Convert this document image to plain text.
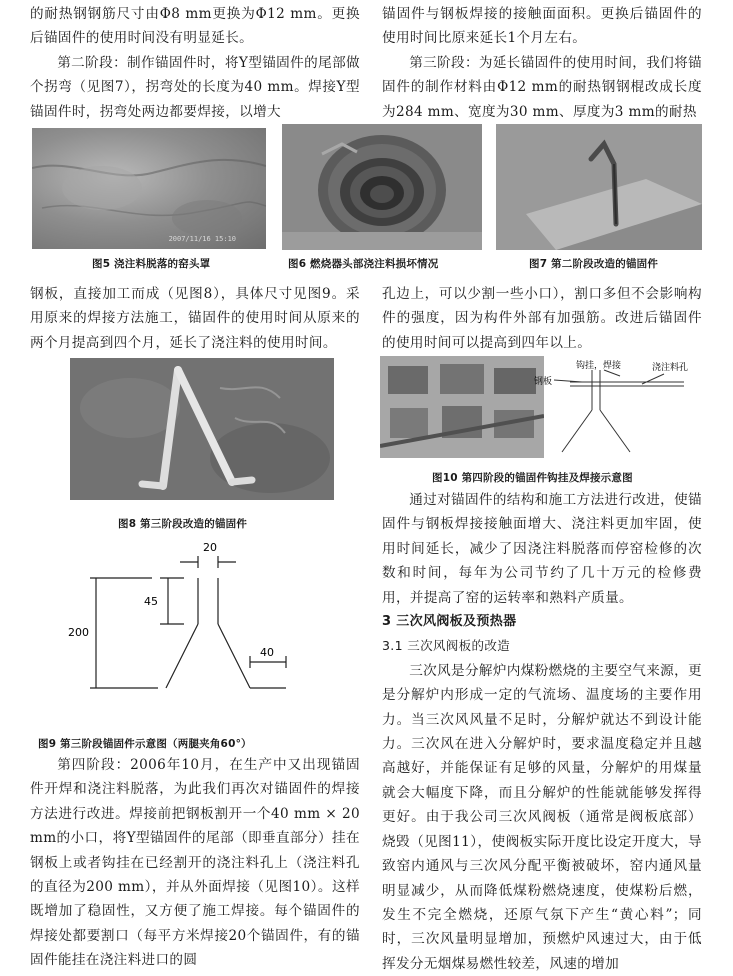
的耐热钢钢筋尺寸由Φ8 mm更换为Φ12 mm。更换后锚固件的使用时间没有明显延长。

第二阶段：制作锚固件时，将Y型锚固件的尾部做个拐弯（见图7），拐弯处的长度为40 mm。焊接Y型锚固件时，拐弯处两边都要焊接，以增大

锚固件与钢板焊接的接触面面积。更换后锚固件的使用时间比原来延长1个月左右。

第三阶段：为延长锚固件的使用时间，我们将锚固件的制作材料由Φ12 mm的耐热钢钢棍改成长度为284 mm、宽度为30 mm、厚度为3 mm的耐热

2007/11/16 15:10
图5 浇注料脱落的窑头罩	图6 燃烧器头部浇注料损坏情况	图7 第二阶段改造的锚固件

钢板，直接加工而成（见图8），具体尺寸见图9。采用原来的焊接方法施工，锚固件的使用时间从原来的两个月提高到四个月，延长了浇注料的使用时间。

孔边上，可以少割一些小口），割口多但不会影响构件的强度，因为构件外部有加强筋。改进后锚固件的使用时间可以提高到四年以上。

图8 第三阶段改造的锚固件
20
45
200
40
图9 第三阶段锚固件示意图（两腿夹角60°）

第四阶段：2006年10月，在生产中又出现锚固件开焊和浇注料脱落，为此我们再次对锚固件的焊接方法进行改进。焊接前把钢板割开一个40 mm × 20 mm的小口，将Y型锚固件的尾部（即垂直部分）挂在钢板上或者钩挂在已经割开的浇注料孔上（浇注料孔的直径为200 mm），并从外面焊接（见图10）。这样既增加了稳固性，又方便了施工焊接。每个锚固件的焊接处都要割口（每平方米焊接20个锚固件，有的锚固件能挂在浇注料进口的圆

钩挂，焊接	浇注料孔
钢板
图10 第四阶段的锚固件钩挂及焊接示意图

通过对锚固件的结构和施工方法进行改进，使锚固件与钢板焊接接触面增大、浇注料更加牢固，使用时间延长，减少了因浇注料脱落而停窑检修的次数和时间，每年为公司节约了几十万元的检修费用，并提高了窑的运转率和熟料产质量。

3 三次风阀板及预热器

3.1 三次风阀板的改造

三次风是分解炉内煤粉燃烧的主要空气来源，更是分解炉内形成一定的气流场、温度场的主要作用力。当三次风风量不足时，分解炉就达不到设计能力。三次风在进入分解炉时，要求温度稳定并且越高越好，并能保证有足够的风量，分解炉的用煤量就会大幅度下降，而且分解炉的性能就能够发挥得更好。由于我公司三次风阀板（通常是阀板底部）烧毁（见图11），使阀板实际开度比设定开度大，导致窑内通风与三次风分配平衡被破坏，窑内通风量明显减少，从而降低煤粉燃烧速度，使煤粉后燃，发生不完全燃烧，还原气氛下产生“黄心料”；同时，三次风量明显增加，预燃炉风速过大，由于低挥发分无烟煤易燃性较差，风速的增加
